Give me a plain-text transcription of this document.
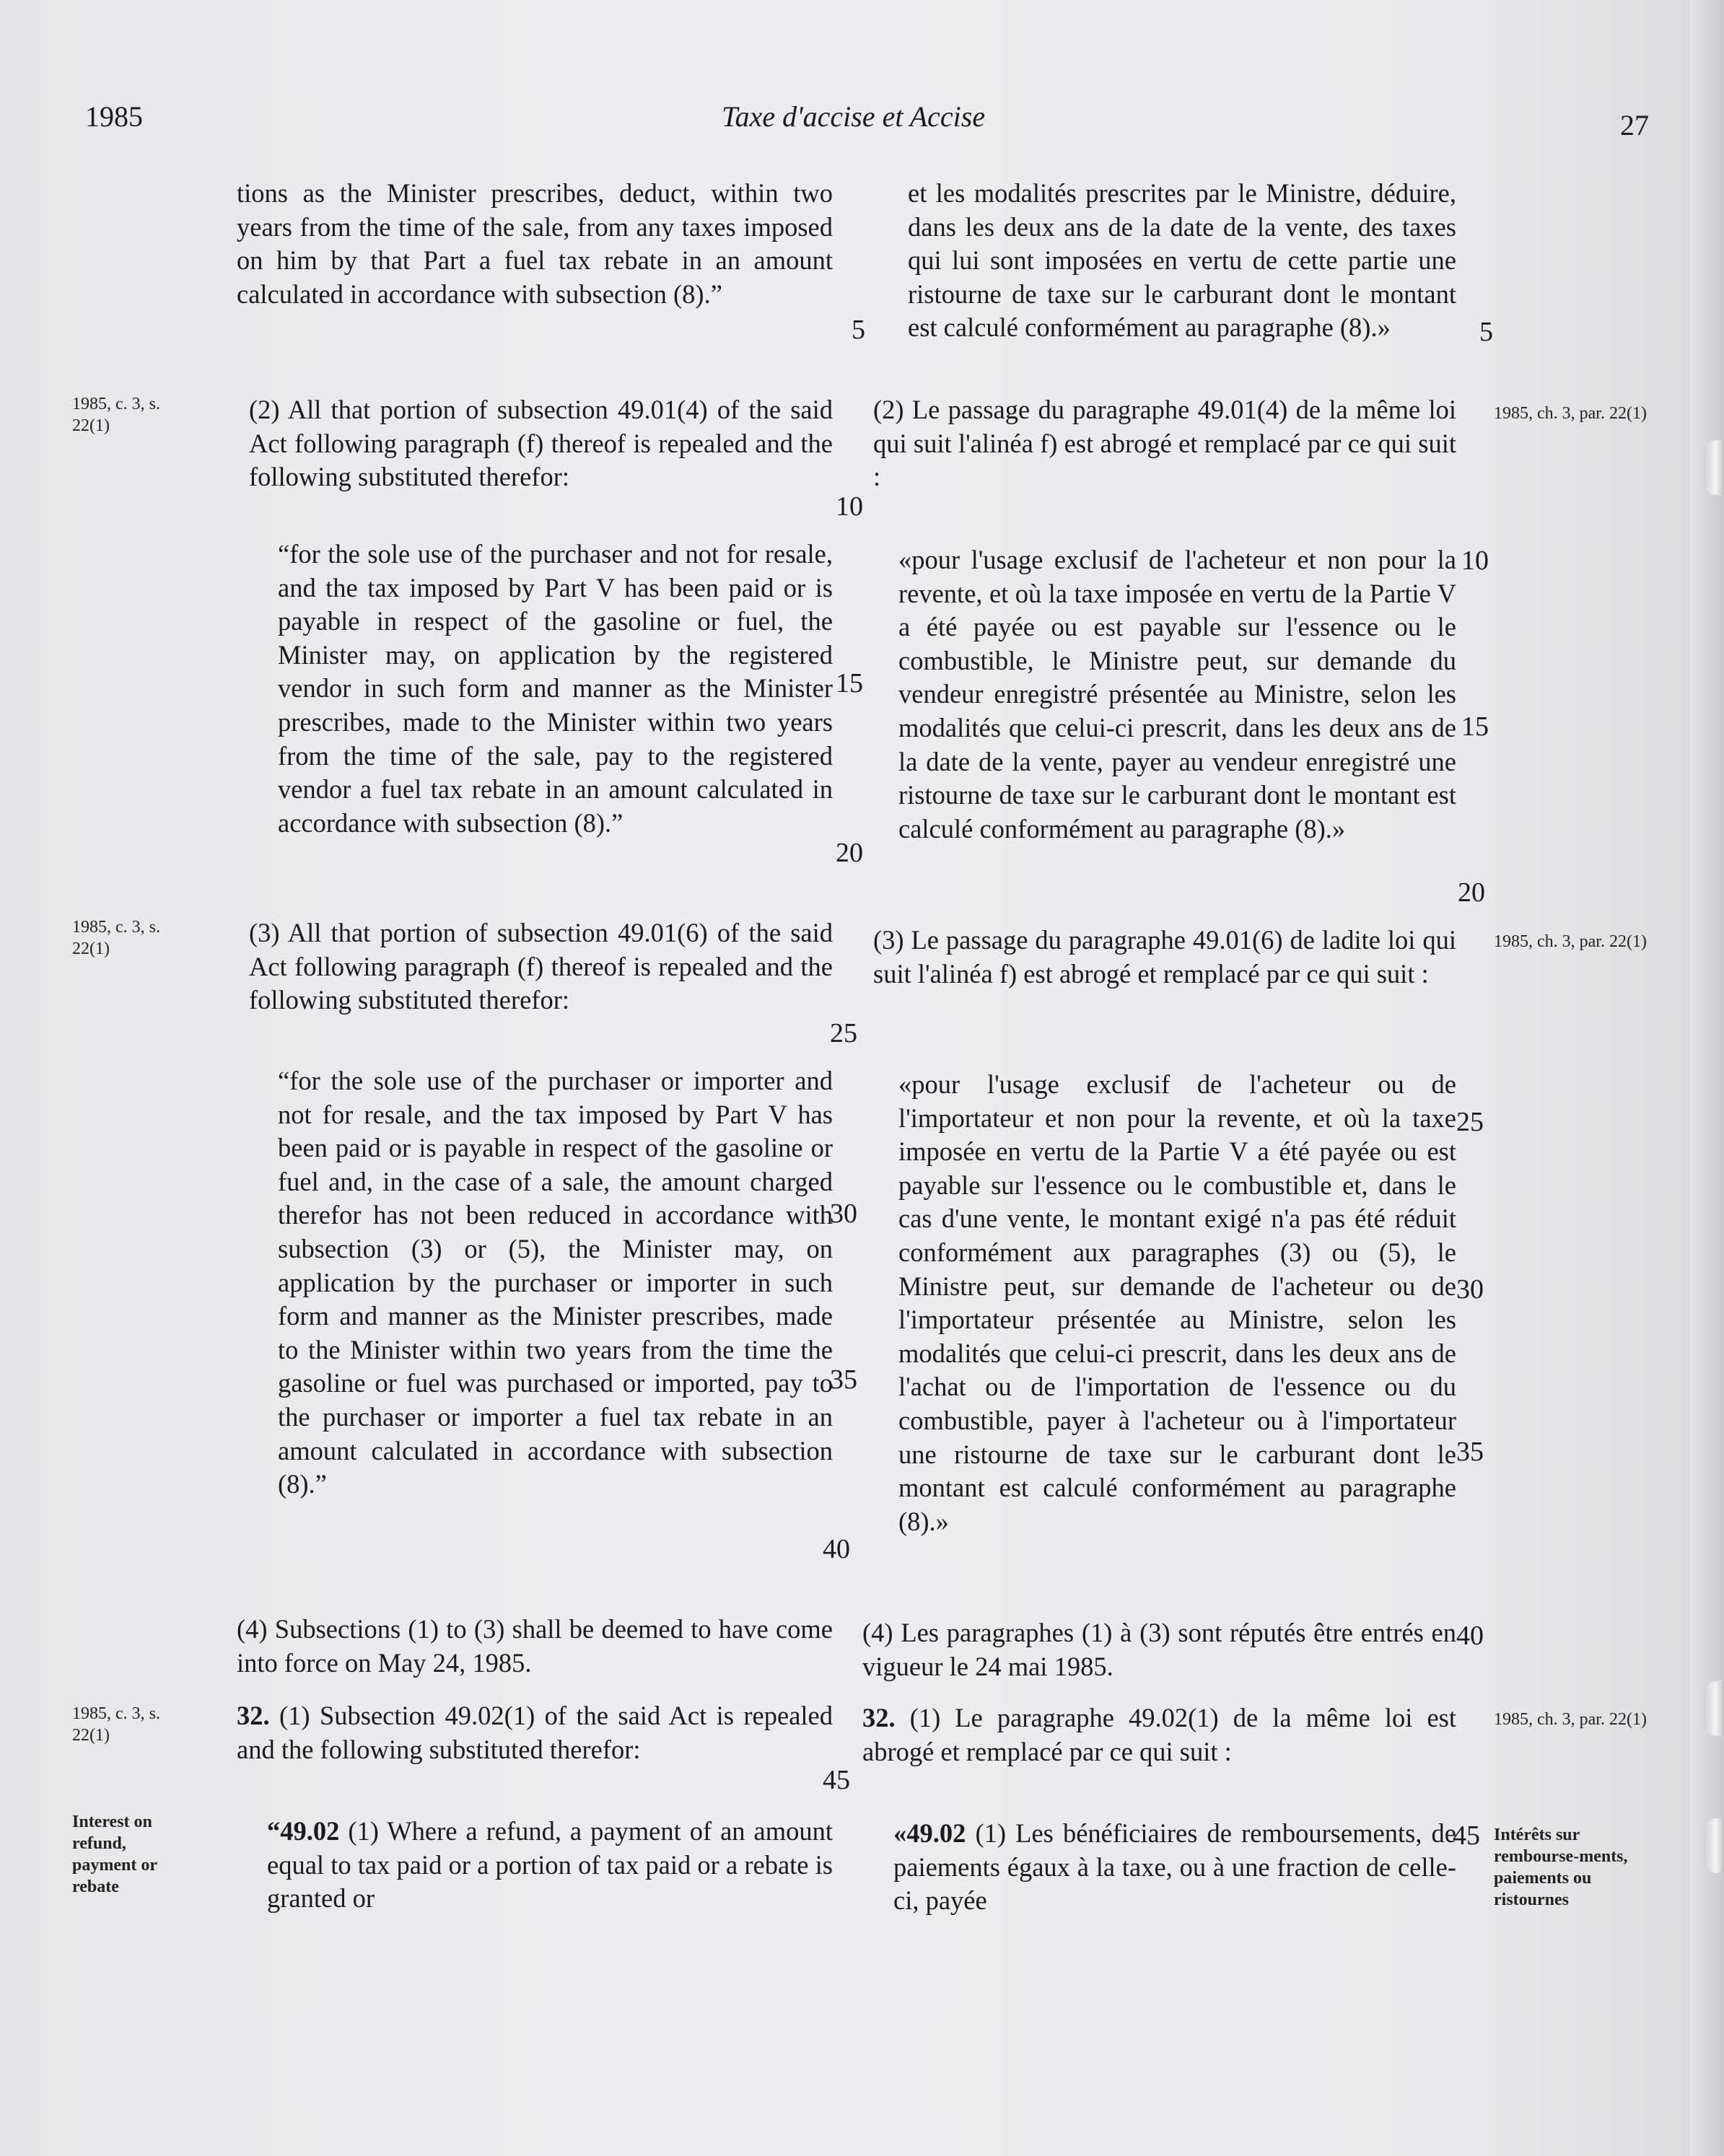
1985	Taxe d'accise et Accise	27

tions as the Minister prescribes, deduct, within two years from the time of the sale, from any taxes imposed on him by that Part a fuel tax rebate in an amount calculated in accordance with subsection (8).”

(2) All that portion of subsection 49.01(4) of the said Act following paragraph (f) thereof is repealed and the following substituted therefor:

“for the sole use of the purchaser and not for resale, and the tax imposed by Part V has been paid or is payable in respect of the gasoline or fuel, the Minister may, on application by the registered vendor in such form and manner as the Minister prescribes, made to the Minister within two years from the time of the sale, pay to the registered vendor a fuel tax rebate in an amount calculated in accordance with subsection (8).”

(3) All that portion of subsection 49.01(6) of the said Act following paragraph (f) thereof is repealed and the following substituted therefor:

“for the sole use of the purchaser or importer and not for resale, and the tax imposed by Part V has been paid or is payable in respect of the gasoline or fuel and, in the case of a sale, the amount charged therefor has not been reduced in accordance with subsection (3) or (5), the Minister may, on application by the purchaser or importer in such form and manner as the Minister prescribes, made to the Minister within two years from the time the gasoline or fuel was purchased or imported, pay to the purchaser or importer a fuel tax rebate in an amount calculated in accordance with subsection (8).”

(4) Subsections (1) to (3) shall be deemed to have come into force on May 24, 1985.

32. (1) Subsection 49.02(1) of the said Act is repealed and the following substituted therefor:

“49.02 (1) Where a refund, a payment of an amount equal to tax paid or a portion of tax paid or a rebate is granted or

5
10
15
20
25
30
35
40
45

et les modalités prescrites par le Ministre, déduire, dans les deux ans de la date de la vente, des taxes qui lui sont imposées en vertu de cette partie une ristourne de taxe sur le carburant dont le montant est calculé conformément au paragraphe (8).»

(2) Le passage du paragraphe 49.01(4) de la même loi qui suit l'alinéa f) est abrogé et remplacé par ce qui suit :

«pour l'usage exclusif de l'acheteur et non pour la revente, et où la taxe imposée en vertu de la Partie V a été payée ou est payable sur l'essence ou le combustible, le Ministre peut, sur demande du vendeur enregistré présentée au Ministre, selon les modalités que celui-ci prescrit, dans les deux ans de la date de la vente, payer au vendeur enregistré une ristourne de taxe sur le carburant dont le montant est calculé conformément au paragraphe (8).»

(3) Le passage du paragraphe 49.01(6) de ladite loi qui suit l'alinéa f) est abrogé et remplacé par ce qui suit :

«pour l'usage exclusif de l'acheteur ou de l'importateur et non pour la revente, et où la taxe imposée en vertu de la Partie V a été payée ou est payable sur l'essence ou le combustible et, dans le cas d'une vente, le montant exigé n'a pas été réduit conformément aux paragraphes (3) ou (5), le Ministre peut, sur demande de l'acheteur ou de l'importateur présentée au Ministre, selon les modalités que celui-ci prescrit, dans les deux ans de l'achat ou de l'importation de l'essence ou du combustible, payer à l'acheteur ou à l'importateur une ristourne de taxe sur le carburant dont le montant est calculé conformément au paragraphe (8).»

(4) Les paragraphes (1) à (3) sont réputés être entrés en vigueur le 24 mai 1985.

32. (1) Le paragraphe 49.02(1) de la même loi est abrogé et remplacé par ce qui suit :

«49.02 (1) Les bénéficiaires de remboursements, de paiements égaux à la taxe, ou à une fraction de celle-ci, payée

5
10
15
20
25
30
35
40
45
1985, c. 3, s. 22(1)
1985, c. 3, s. 22(1)
1985, c. 3, s. 22(1)
Interest on refund, payment or rebate
1985, ch. 3, par. 22(1)
1985, ch. 3, par. 22(1)
1985, ch. 3, par. 22(1)
Intérêts sur rembourse-ments, paiements ou ristournes
